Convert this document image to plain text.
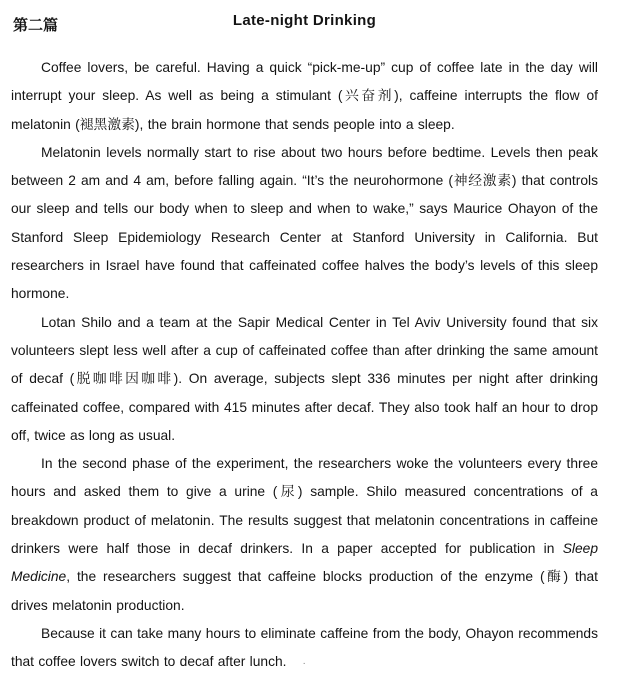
第二篇	Late-night Drinking

Coffee lovers, be careful. Having a quick “pick-me-up” cup of coffee late in the day will interrupt your sleep. As well as being a stimulant (兴奋剂), caffeine interrupts the flow of melatonin (褪黑激素), the brain hormone that sends people into a sleep.

Melatonin levels normally start to rise about two hours before bedtime. Levels then peak between 2 am and 4 am, before falling again. “It’s the neurohormone (神经激素) that controls our sleep and tells our body when to sleep and when to wake,” says Maurice Ohayon of the Stanford Sleep Epidemiology Research Center at Stanford University in California. But researchers in Israel have found that caffeinated coffee halves the body’s levels of this sleep hormone.

Lotan Shilo and a team at the Sapir Medical Center in Tel Aviv University found that six volunteers slept less well after a cup of caffeinated coffee than after drinking the same amount of decaf (脱咖啡因咖啡). On average, subjects slept 336 minutes per night after drinking caffeinated coffee, compared with 415 minutes after decaf. They also took half an hour to drop off, twice as long as usual.

In the second phase of the experiment, the researchers woke the volunteers every three hours and asked them to give a urine (尿) sample. Shilo measured concentrations of a breakdown product of melatonin. The results suggest that melatonin concentrations in caffeine drinkers were half those in decaf drinkers. In a paper accepted for publication in Sleep Medicine, the researchers suggest that caffeine blocks production of the enzyme (酶) that drives melatonin production.

Because it can take many hours to eliminate caffeine from the body, Ohayon recommends that coffee lovers switch to decaf after lunch. ·
